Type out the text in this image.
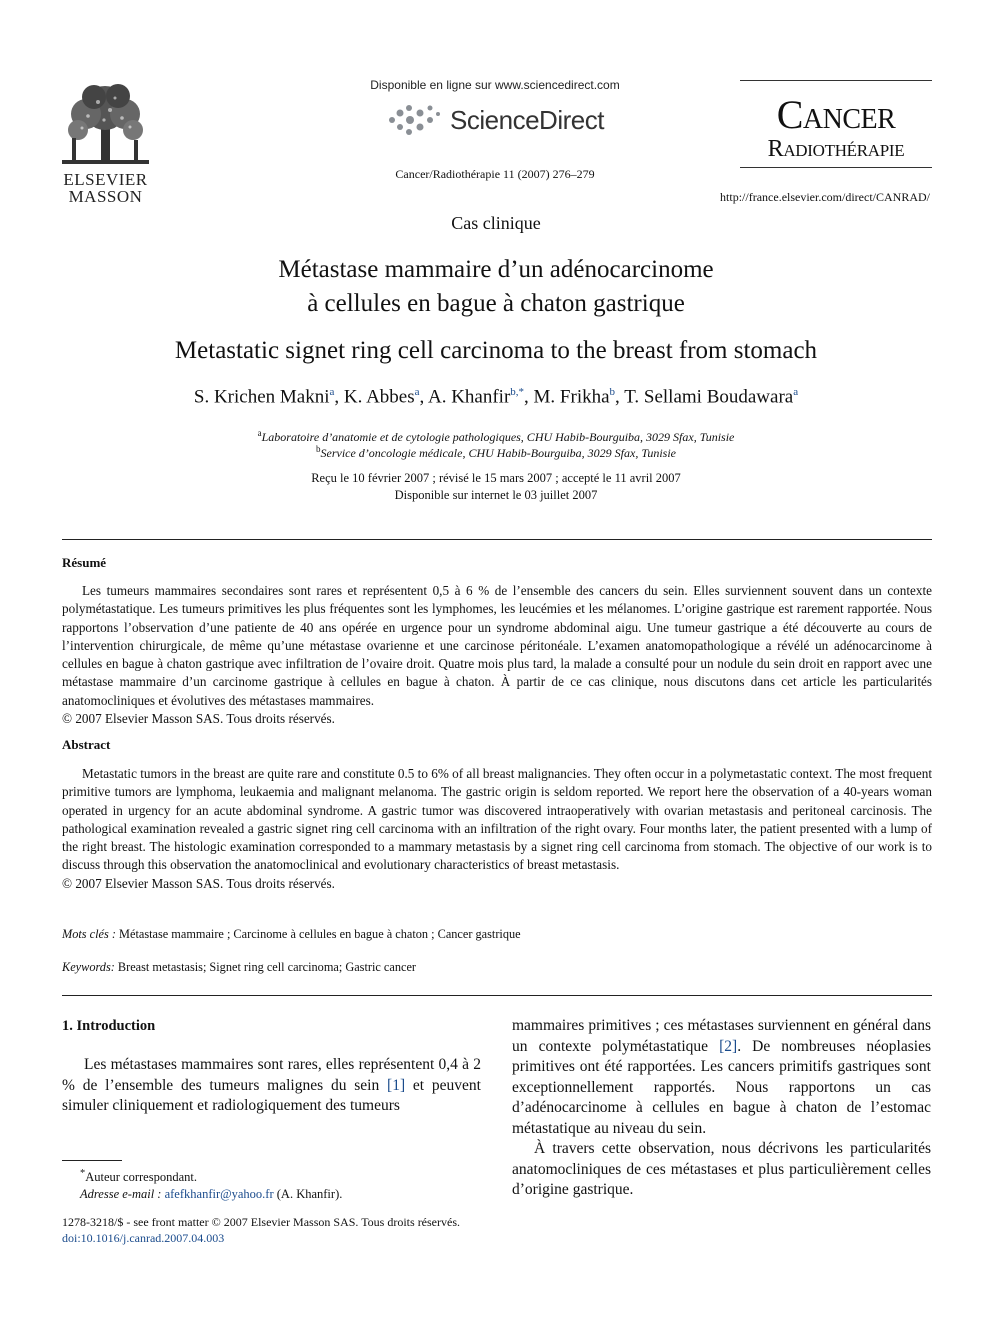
ELSEVIER
MASSON
Disponible en ligne sur www.sciencedirect.com
ScienceDirect
Cancer/Radiothérapie 11 (2007) 276–279
Cancer
Radiothérapie
http://france.elsevier.com/direct/CANRAD/
Cas clinique
Métastase mammaire d’un adénocarcinome
à cellules en bague à chaton gastrique
Metastatic signet ring cell carcinoma to the breast from stomach
S. Krichen Makni$^a$, K. Abbes$^a$, A. Khanfir$^{b,*}$, M. Frikha$^b$, T. Sellami Boudawara$^a$
$^a$Laboratoire d’anatomie et de cytologie pathologiques, CHU Habib-Bourguiba, 3029 Sfax, Tunisie
$^b$Service d’oncologie médicale, CHU Habib-Bourguiba, 3029 Sfax, Tunisie
Reçu le 10 février 2007 ; révisé le 15 mars 2007 ; accepté le 11 avril 2007
Disponible sur internet le 03 juillet 2007
Résumé

Les tumeurs mammaires secondaires sont rares et représentent 0,5 à 6 % de l’ensemble des cancers du sein. Elles surviennent souvent dans un contexte polymétastatique. Les tumeurs primitives les plus fréquentes sont les lymphomes, les leucémies et les mélanomes. L’origine gastrique est rarement rapportée. Nous rapportons l’observation d’une patiente de 40 ans opérée en urgence pour un syndrome abdominal aigu. Une tumeur gastrique a été découverte au cours de l’intervention chirurgicale, de même qu’une métastase ovarienne et une carcinose péritonéale. L’examen anatomopathologique a révélé un adénocarcinome à cellules en bague à chaton gastrique avec infiltration de l’ovaire droit. Quatre mois plus tard, la malade a consulté pour un nodule du sein droit en rapport avec une métastase mammaire d’un carcinome gastrique à cellules en bague à chaton. À partir de ce cas clinique, nous discutons dans cet article les particularités anatomocliniques et évolutives des métastases mammaires.

© 2007 Elsevier Masson SAS. Tous droits réservés.

Abstract

Metastatic tumors in the breast are quite rare and constitute 0.5 to 6% of all breast malignancies. They often occur in a polymetastatic context. The most frequent primitive tumors are lymphoma, leukaemia and malignant melanoma. The gastric origin is seldom reported. We report here the observation of a 40-years woman operated in urgency for an acute abdominal syndrome. A gastric tumor was discovered intraoperatively with ovarian metastasis and peritoneal carcinosis. The pathological examination revealed a gastric signet ring cell carcinoma with an infiltration of the right ovary. Four months later, the patient presented with a lump of the right breast. The histologic examination corresponded to a mammary metastasis by a signet ring cell carcinoma from stomach. The objective of our work is to discuss through this observation the anatomoclinical and evolutionary characteristics of breast metastasis.

© 2007 Elsevier Masson SAS. Tous droits réservés.

Mots clés : Métastase mammaire ; Carcinome à cellules en bague à chaton ; Cancer gastrique
Keywords: Breast metastasis; Signet ring cell carcinoma; Gastric cancer
1. Introduction

Les métastases mammaires sont rares, elles représentent 0,4 à 2 % de l’ensemble des tumeurs malignes du sein [1] et peuvent simuler cliniquement et radiologiquement des tumeurs

mammaires primitives ; ces métastases surviennent en général dans un contexte polymétastatique [2]. De nombreuses néoplasies primitives ont été rapportées. Les cancers primitifs gastriques sont exceptionnellement rapportés. Nous rapportons un cas d’adénocarcinome à cellules en bague à chaton de l’estomac métastatique au niveau du sein.

À travers cette observation, nous décrivons les particularités anatomocliniques de ces métastases et plus particulièrement celles d’origine gastrique.

*Auteur correspondant.
Adresse e-mail : afefkhanfir@yahoo.fr (A. Khanfir).
1278-3218/$ - see front matter © 2007 Elsevier Masson SAS. Tous droits réservés.
doi:10.1016/j.canrad.2007.04.003
